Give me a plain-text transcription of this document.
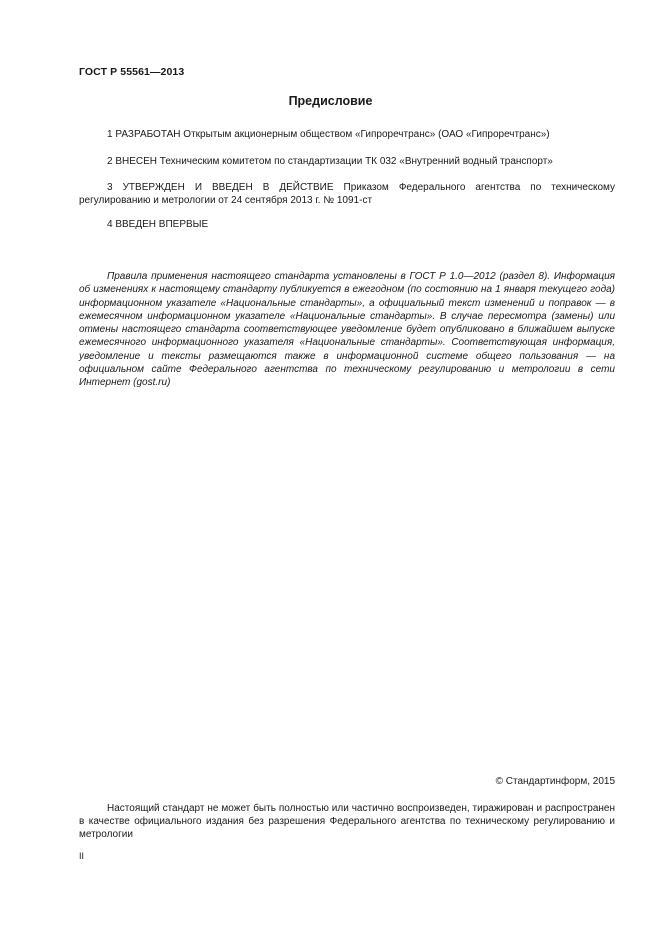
ГОСТ Р 55561—2013
Предисловие
1 РАЗРАБОТАН Открытым акционерным обществом «Гипроречтранс» (ОАО «Гипроречтранс»)
2 ВНЕСЕН Техническим комитетом по стандартизации ТК 032 «Внутренний водный транспорт»
3 УТВЕРЖДЕН И ВВЕДЕН В ДЕЙСТВИЕ Приказом Федерального агентства по техническому регулированию и метрологии от 24 сентября 2013 г. № 1091-ст
4 ВВЕДЕН ВПЕРВЫЕ
Правила применения настоящего стандарта установлены в ГОСТ Р 1.0—2012 (раздел 8). Информация об изменениях к настоящему стандарту публикуется в ежегодном (по состоянию на 1 января текущего года) информационном указателе «Национальные стандарты», а официальный текст изменений и поправок — в ежемесячном информационном указателе «Национальные стандарты». В случае пересмотра (замены) или отмены настоящего стандарта соответствующее уведомление будет опубликовано в ближайшем выпуске ежемесячного информационного указателя «Национальные стандарты». Соответствующая информация, уведомление и тексты размещаются также в информационной системе общего пользования — на официальном сайте Федерального агентства по техническому регулированию и метрологии в сети Интернет (gost.ru)
© Стандартинформ, 2015
Настоящий стандарт не может быть полностью или частично воспроизведен, тиражирован и распространен в качестве официального издания без разрешения Федерального агентства по техническому регулированию и метрологии
II
